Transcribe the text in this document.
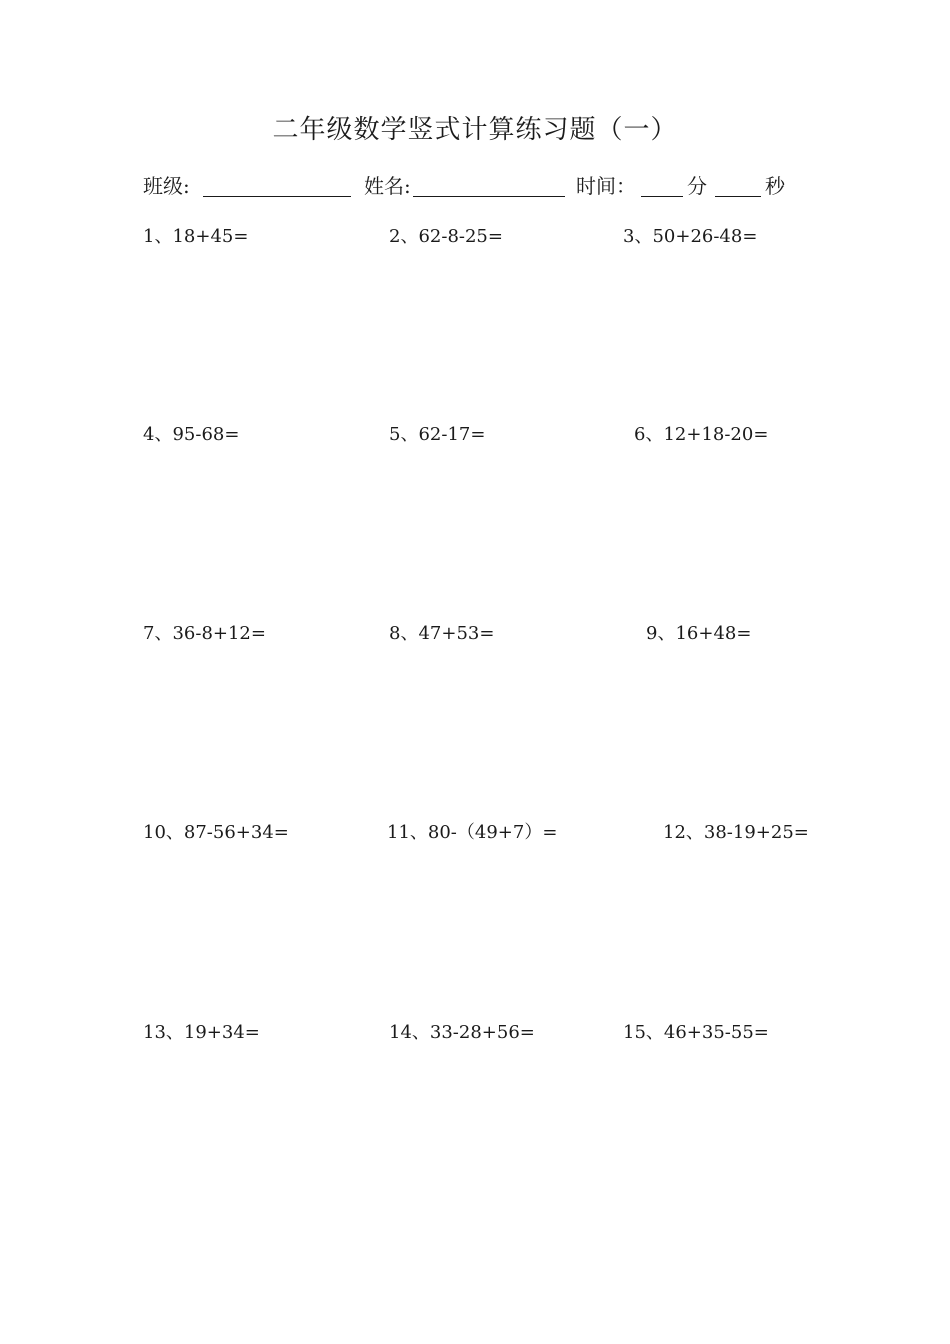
二年级数学竖式计算练习题（一）
班级:	姓名:	时间：	分	秒
1、18+45=	2、62-8-25=	3、50+26-48=
4、95-68=	5、62-17=	6、12+18-20=
7、36-8+12=	8、47+53=	9、16+48=
10、87-56+34=	11、80-（49+7）=	12、38-19+25=
13、19+34=	14、33-28+56=	15、46+35-55=
